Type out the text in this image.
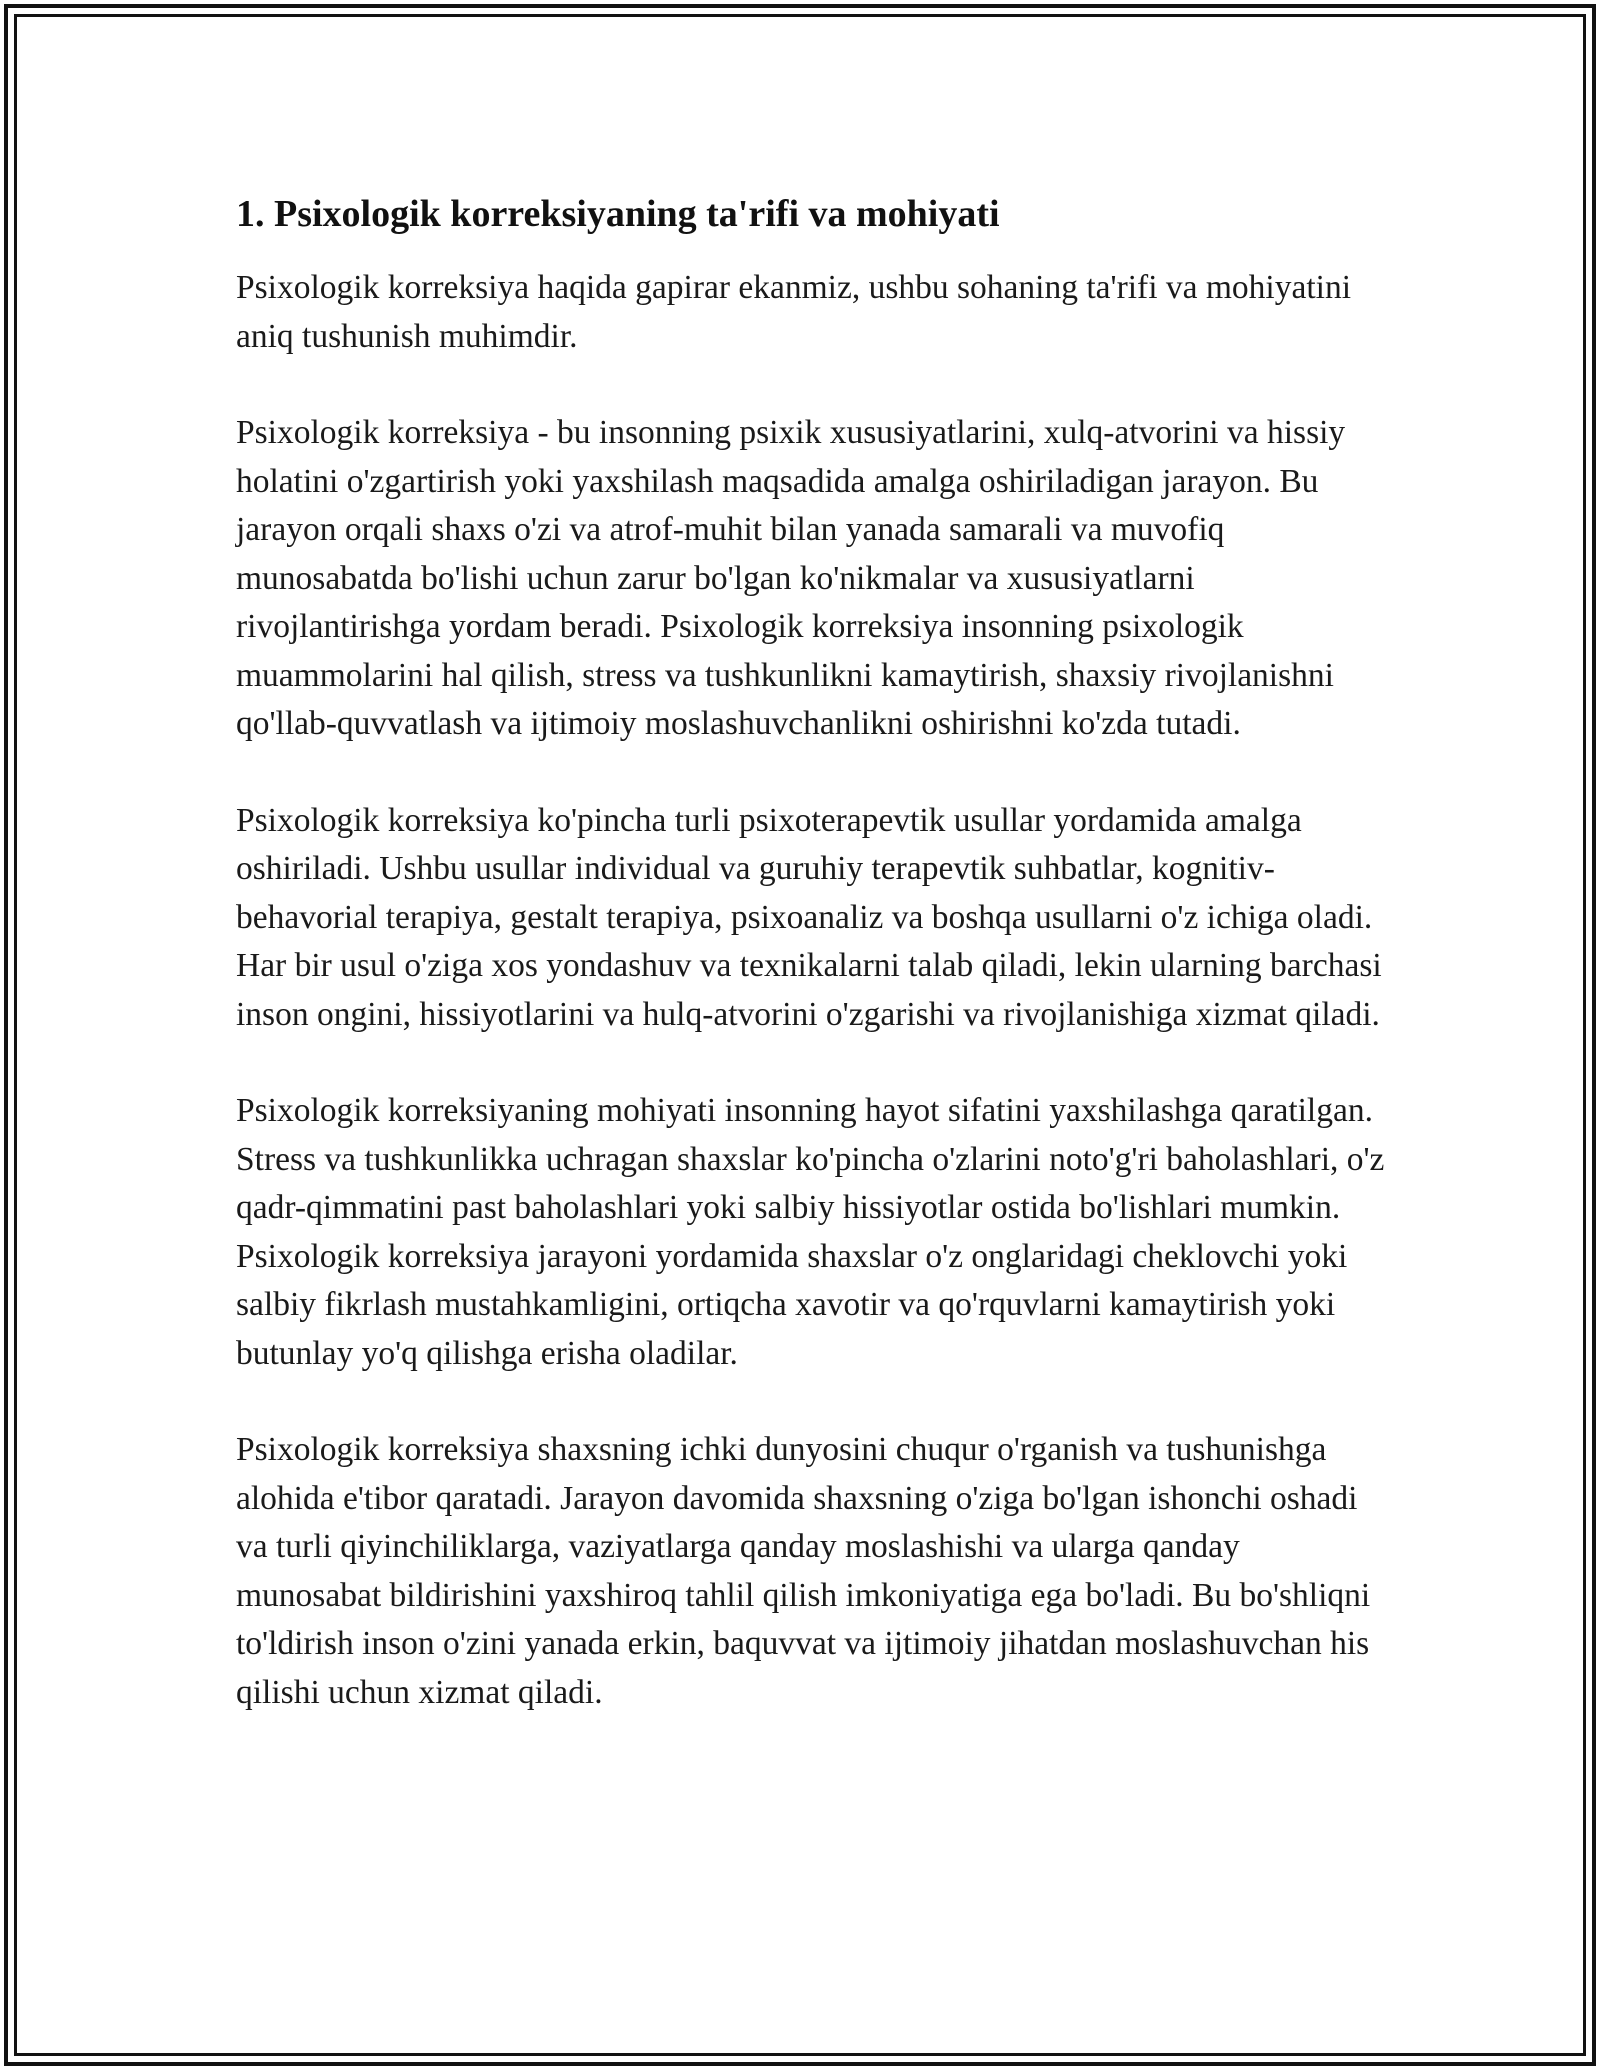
1. Psixologik korreksiyaning ta'rifi va mohiyati

Psixologik korreksiya haqida gapirar ekanmiz, ushbu sohaning ta'rifi va mohiyatini aniq tushunish muhimdir.

Psixologik korreksiya - bu insonning psixik xususiyatlarini, xulq-atvorini va hissiy holatini o'zgartirish yoki yaxshilash maqsadida amalga oshiriladigan jarayon. Bu jarayon orqali shaxs o'zi va atrof-muhit bilan yanada samarali va muvofiq munosabatda bo'lishi uchun zarur bo'lgan ko'nikmalar va xususiyatlarni rivojlantirishga yordam beradi. Psixologik korreksiya insonning psixologik muammolarini hal qilish, stress va tushkunlikni kamaytirish, shaxsiy rivojlanishni qo'llab-quvvatlash va ijtimoiy moslashuvchanlikni oshirishni ko'zda tutadi.

Psixologik korreksiya ko'pincha turli psixoterapevtik usullar yordamida amalga oshiriladi. Ushbu usullar individual va guruhiy terapevtik suhbatlar, kognitiv-behavorial terapiya, gestalt terapiya, psixoanaliz va boshqa usullarni o'z ichiga oladi. Har bir usul o'ziga xos yondashuv va texnikalarni talab qiladi, lekin ularning barchasi inson ongini, hissiyotlarini va hulq-atvorini o'zgarishi va rivojlanishiga xizmat qiladi.

Psixologik korreksiyaning mohiyati insonning hayot sifatini yaxshilashga qaratilgan. Stress va tushkunlikka uchragan shaxslar ko'pincha o'zlarini noto'g'ri baholashlari, o'z qadr-qimmatini past baholashlari yoki salbiy hissiyotlar ostida bo'lishlari mumkin. Psixologik korreksiya jarayoni yordamida shaxslar o'z onglaridagi cheklovchi yoki salbiy fikrlash mustahkamligini, ortiqcha xavotir va qo'rquvlarni kamaytirish yoki butunlay yo'q qilishga erisha oladilar.

Psixologik korreksiya shaxsning ichki dunyosini chuqur o'rganish va tushunishga alohida e'tibor qaratadi. Jarayon davomida shaxsning o'ziga bo'lgan ishonchi oshadi va turli qiyinchiliklarga, vaziyatlarga qanday moslashishi va ularga qanday munosabat bildirishini yaxshiroq tahlil qilish imkoniyatiga ega bo'ladi. Bu bo'shliqni to'ldirish inson o'zini yanada erkin, baquvvat va ijtimoiy jihatdan moslashuvchan his qilishi uchun xizmat qiladi.
